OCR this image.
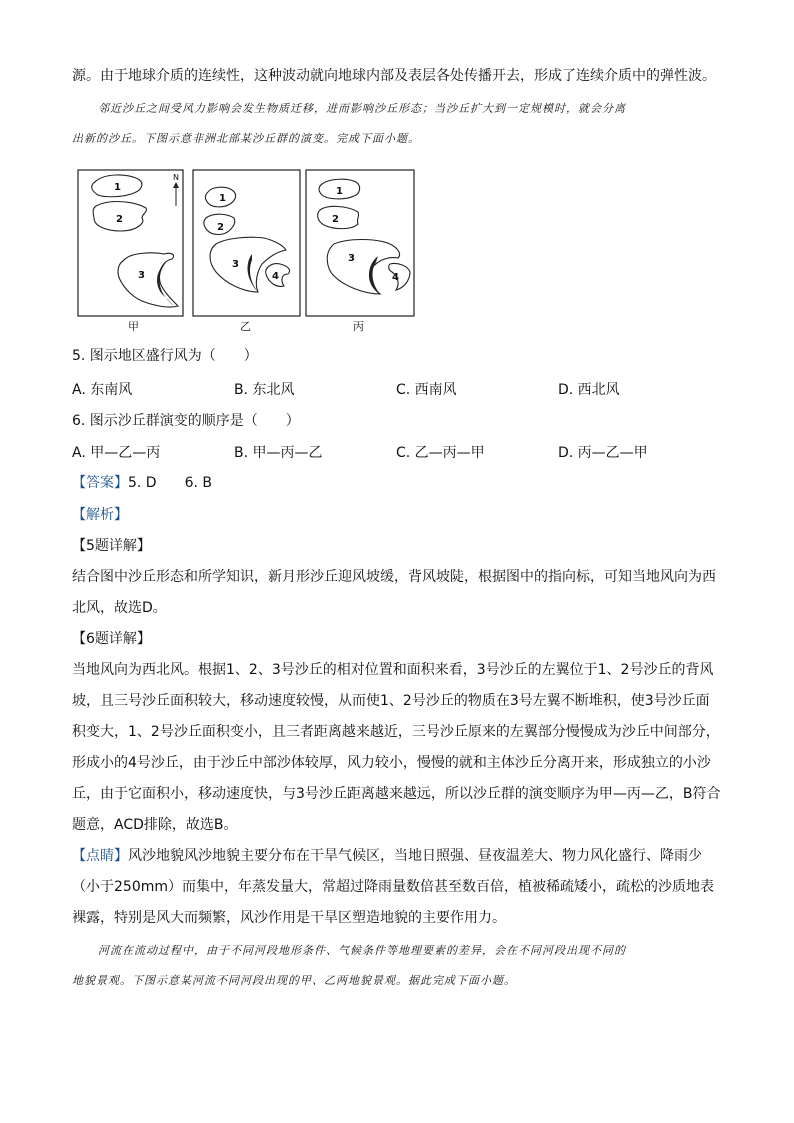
源。由于地球介质的连续性，这种波动就向地球内部及表层各处传播开去，形成了连续介质中的弹性波。
邻近沙丘之间受风力影响会发生物质迁移，进而影响沙丘形态；当沙丘扩大到一定规模时，就会分离
出新的沙丘。下图示意非洲北部某沙丘群的演变。完成下面小题。
1
2
3
N
甲
1
2
3
4
乙
1
2
3
4
丙
5. 图示地区盛行风为（　　）
A. 东南风	B. 东北风	C. 西南风	D. 西北风
6. 图示沙丘群演变的顺序是（　　）
A. 甲—乙—丙	B. 甲—丙—乙	C. 乙—丙—甲	D. 丙—乙—甲
【答案】5. D　　6. B
【解析】
【5题详解】
结合图中沙丘形态和所学知识，新月形沙丘迎风坡缓，背风坡陡，根据图中的指向标，可知当地风向为西北风，故选D。
【6题详解】
当地风向为西北风。根据1、2、3号沙丘的相对位置和面积来看，3号沙丘的左翼位于1、2号沙丘的背风坡，且三号沙丘面积较大，移动速度较慢，从而使1、2号沙丘的物质在3号左翼不断堆积，使3号沙丘面积变大，1、2号沙丘面积变小，且三者距离越来越近，三号沙丘原来的左翼部分慢慢成为沙丘中间部分，形成小的4号沙丘，由于沙丘中部沙体较厚，风力较小，慢慢的就和主体沙丘分离开来，形成独立的小沙丘，由于它面积小，移动速度快，与3号沙丘距离越来越远，所以沙丘群的演变顺序为甲—丙—乙，B符合题意，ACD排除，故选B。
【点睛】风沙地貌风沙地貌主要分布在干旱气候区，当地日照强、昼夜温差大、物力风化盛行、降雨少（小于250mm）而集中，年蒸发量大，常超过降雨量数倍甚至数百倍，植被稀疏矮小，疏松的沙质地表裸露，特别是风大而频繁，风沙作用是干旱区塑造地貌的主要作用力。
河流在流动过程中，由于不同河段地形条件、气候条件等地理要素的差异，会在不同河段出现不同的
地貌景观。下图示意某河流不同河段出现的甲、乙两地貌景观。据此完成下面小题。
